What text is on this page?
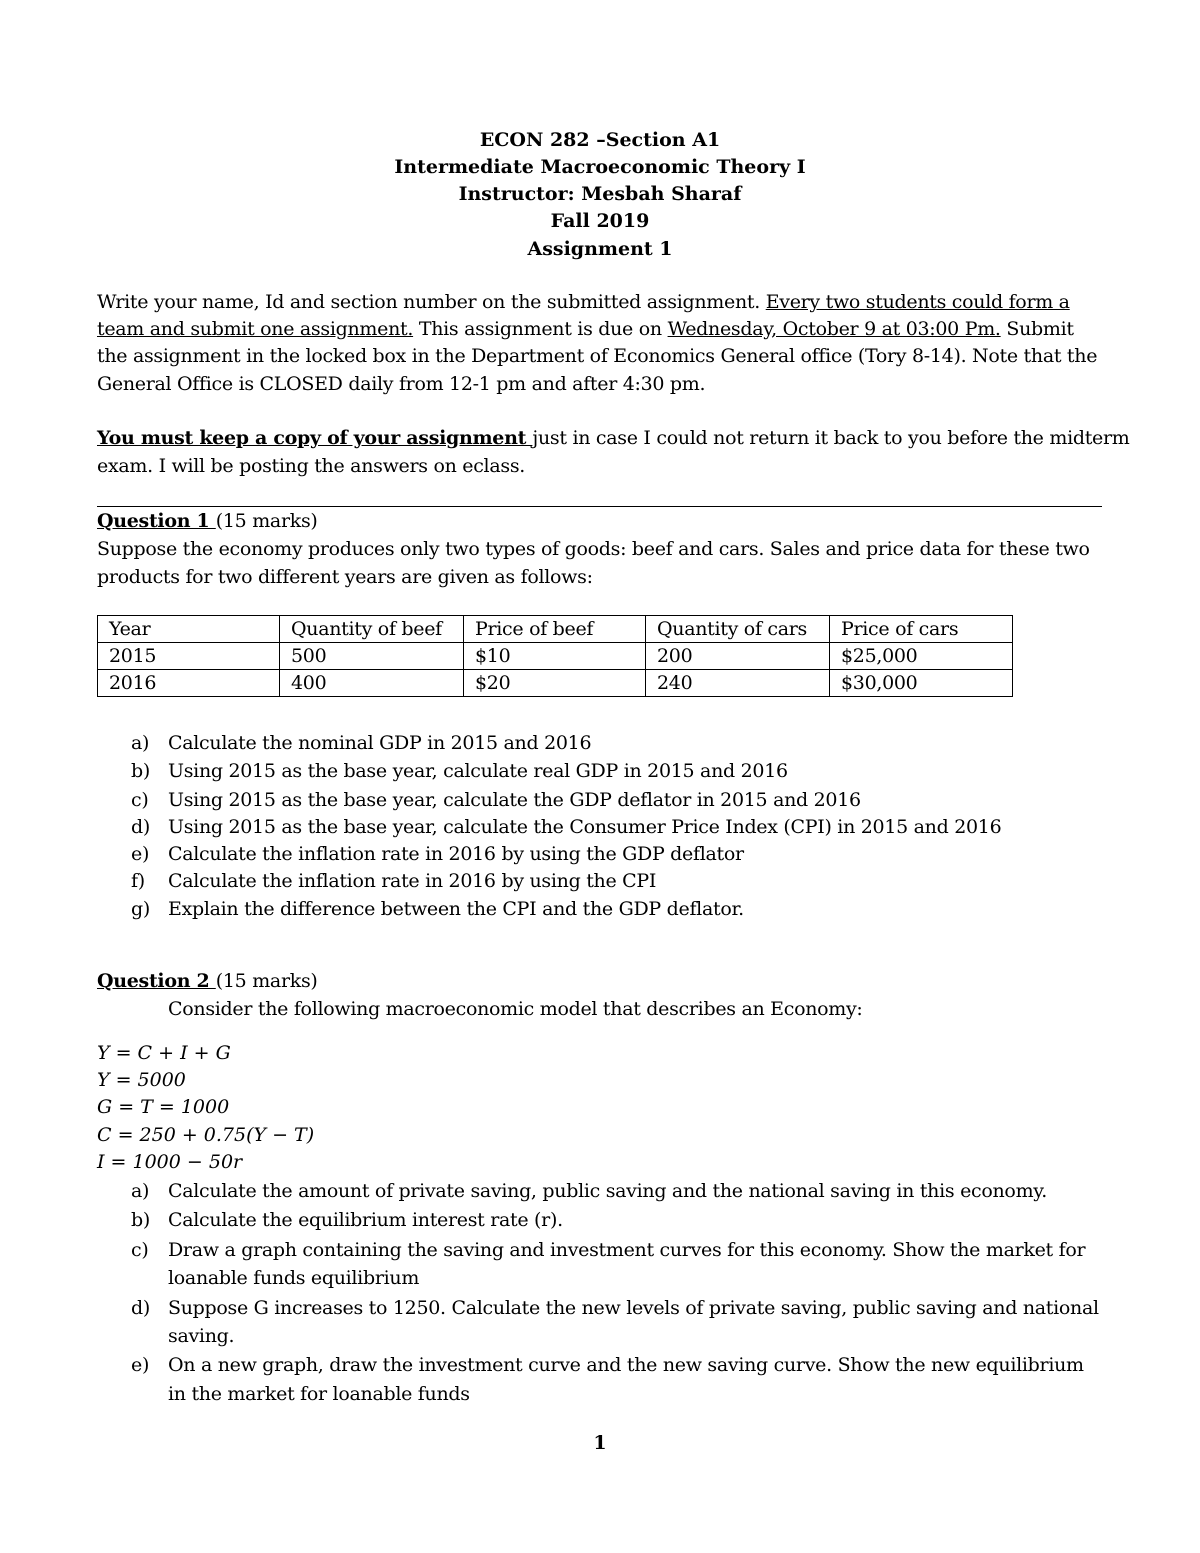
ECON 282 –Section A1
Intermediate Macroeconomic Theory I
Instructor: Mesbah Sharaf
Fall 2019
Assignment 1
Write your name, Id and section number on the submitted assignment. Every two students could form a
team and submit one assignment. This assignment is due on Wednesday, October 9 at 03:00 Pm. Submit
the assignment in the locked box in the Department of Economics General office (Tory 8-14). Note that the
General Office is CLOSED daily from 12-1 pm and after 4:30 pm.
You must keep a copy of your assignment just in case I could not return it back to you before the midterm
exam. I will be posting the answers on eclass.
Question 1 (15 marks)
Suppose the economy produces only two types of goods: beef and cars. Sales and price data for these two
products for two different years are given as follows:
Year	Quantity of beef	Price of beef	Quantity of cars	Price of cars
2015	500	$10	200	$25,000
2016	400	$20	240	$30,000
a) Calculate the nominal GDP in 2015 and 2016
b) Using 2015 as the base year, calculate real GDP in 2015 and 2016
c) Using 2015 as the base year, calculate the GDP deflator in 2015 and 2016
d) Using 2015 as the base year, calculate the Consumer Price Index (CPI) in 2015 and 2016
e) Calculate the inflation rate in 2016 by using the GDP deflator
f) Calculate the inflation rate in 2016 by using the CPI
g) Explain the difference between the CPI and the GDP deflator.
Question 2 (15 marks)
Consider the following macroeconomic model that describes an Economy:
Y = C + I + G
Y = 5000
G = T = 1000
C = 250 + 0.75(Y − T)
I = 1000 − 50r
a) Calculate the amount of private saving, public saving and the national saving in this economy.
b) Calculate the equilibrium interest rate (r).
c) Draw a graph containing the saving and investment curves for this economy. Show the market for
loanable funds equilibrium
d) Suppose G increases to 1250. Calculate the new levels of private saving, public saving and national
saving.
e) On a new graph, draw the investment curve and the new saving curve. Show the new equilibrium
in the market for loanable funds
1
